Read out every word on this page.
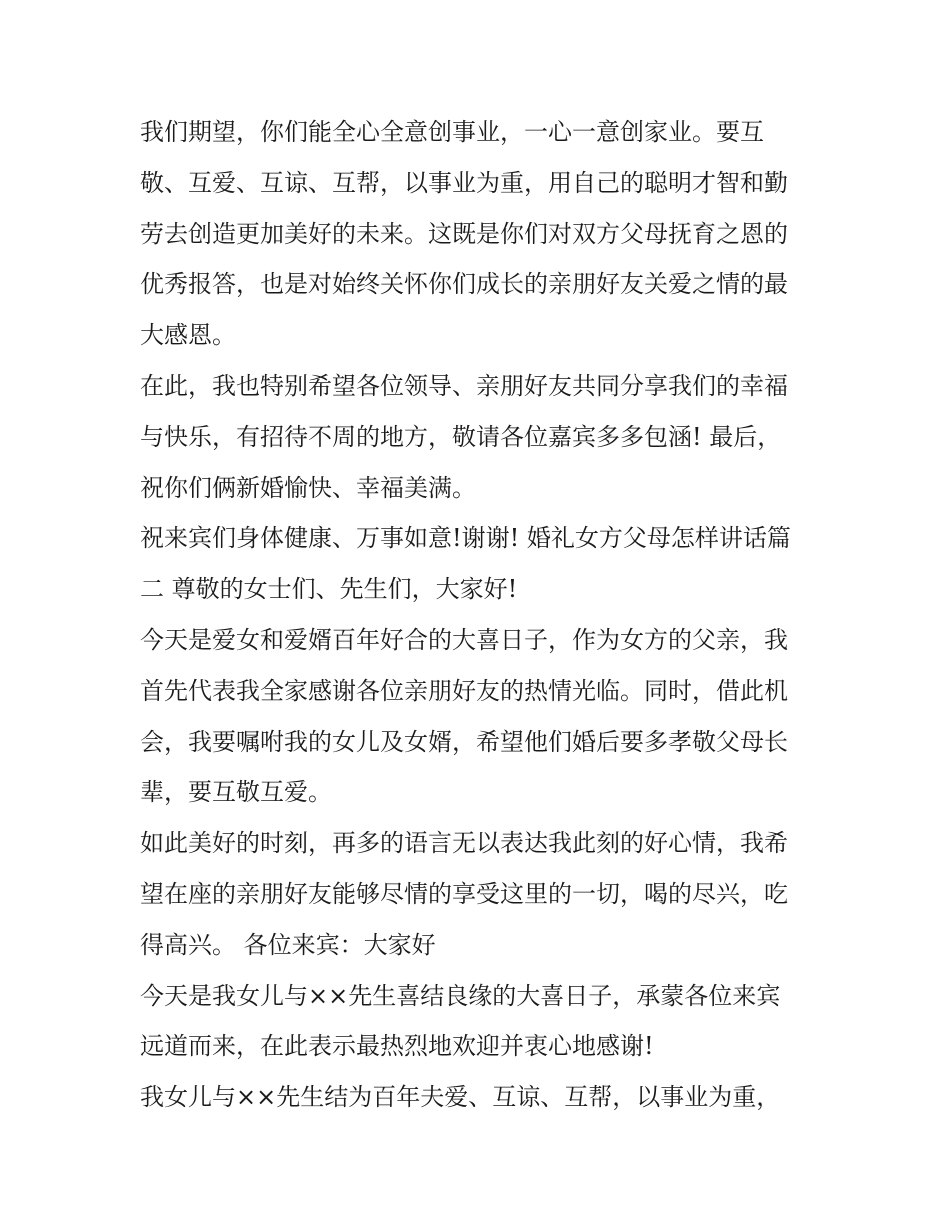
我们期望，你们能全心全意创事业，一心一意创家业。要互
敬、互爱、互谅、互帮，以事业为重，用自己的聪明才智和勤
劳去创造更加美好的未来。这既是你们对双方父母抚育之恩的
优秀报答，也是对始终关怀你们成长的亲朋好友关爱之情的最
大感恩。
在此，我也特别希望各位领导、亲朋好友共同分享我们的幸福
与快乐，有招待不周的地方，敬请各位嘉宾多多包涵! 最后，
祝你们俩新婚愉快、幸福美满。
祝来宾们身体健康、万事如意!谢谢! 婚礼女方父母怎样讲话篇
二 尊敬的女士们、先生们，大家好!
今天是爱女和爱婿百年好合的大喜日子，作为女方的父亲，我
首先代表我全家感谢各位亲朋好友的热情光临。同时，借此机
会，我要嘱咐我的女儿及女婿，希望他们婚后要多孝敬父母长
辈，要互敬互爱。
如此美好的时刻，再多的语言无以表达我此刻的好心情，我希
望在座的亲朋好友能够尽情的享受这里的一切，喝的尽兴，吃
得高兴。 各位来宾：大家好
今天是我女儿与××先生喜结良缘的大喜日子，承蒙各位来宾
远道而来，在此表示最热烈地欢迎并衷心地感谢!
我女儿与××先生结为百年夫爱、互谅、互帮，以事业为重，
